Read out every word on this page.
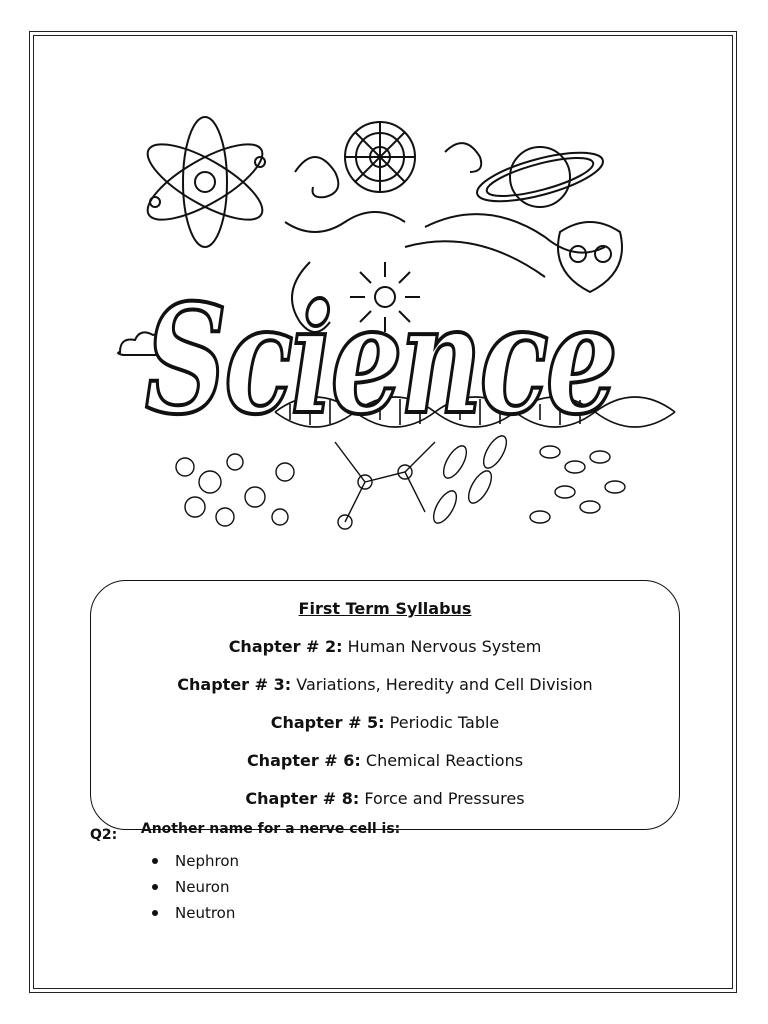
Science
First Term Syllabus
Chapter # 2: Human Nervous System
Chapter # 3: Variations, Heredity and Cell Division
Chapter # 5: Periodic Table
Chapter # 6: Chemical Reactions
Chapter # 8: Force and Pressures
Q2: Another name for a nerve cell is:
Nephron
Neuron
Neutron
